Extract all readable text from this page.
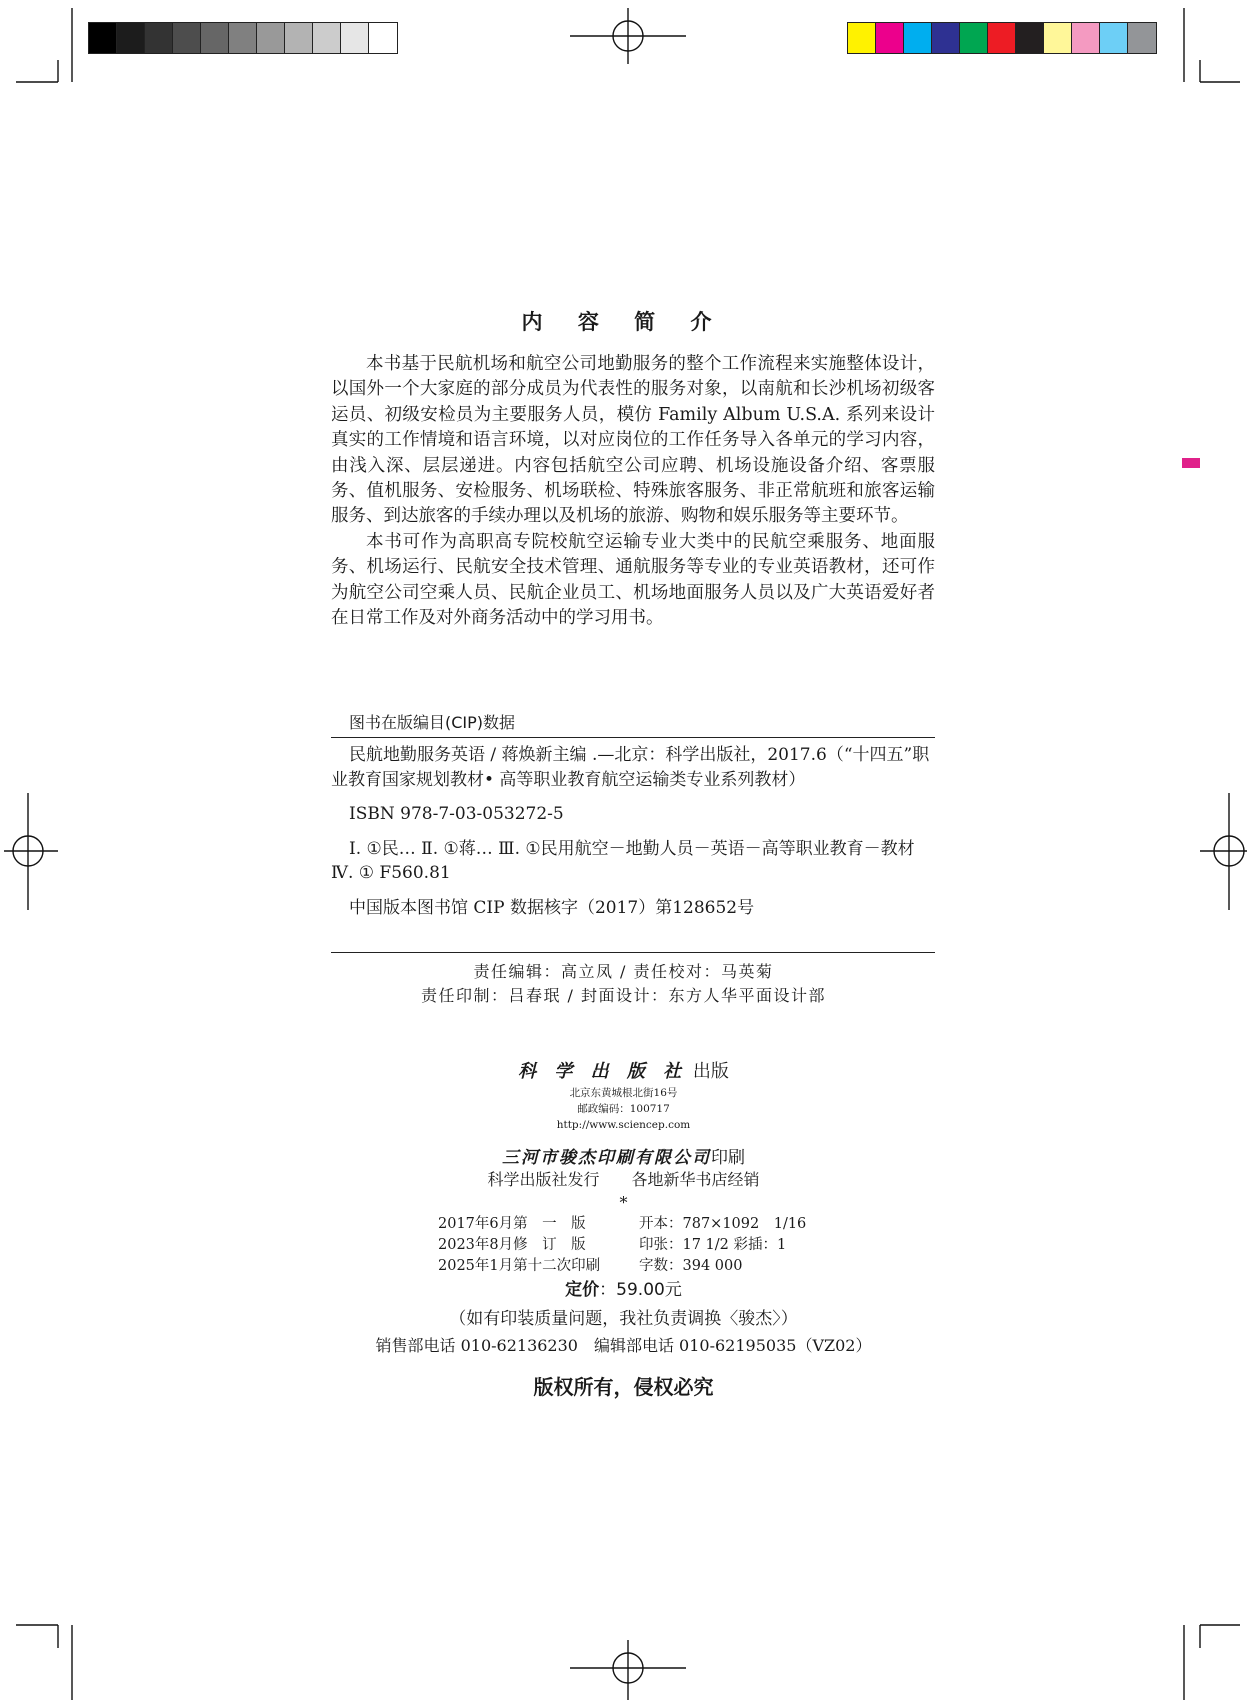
内 容 简 介

本书基于民航机场和航空公司地勤服务的整个工作流程来实施整体设计，以国外一个大家庭的部分成员为代表性的服务对象，以南航和长沙机场初级客运员、初级安检员为主要服务人员，模仿 Family Album U.S.A. 系列来设计真实的工作情境和语言环境，以对应岗位的工作任务导入各单元的学习内容，由浅入深、层层递进。内容包括航空公司应聘、机场设施设备介绍、客票服务、值机服务、安检服务、机场联检、特殊旅客服务、非正常航班和旅客运输服务、到达旅客的手续办理以及机场的旅游、购物和娱乐服务等主要环节。

本书可作为高职高专院校航空运输专业大类中的民航空乘服务、地面服务、机场运行、民航安全技术管理、通航服务等专业的专业英语教材，还可作为航空公司空乘人员、民航企业员工、机场地面服务人员以及广大英语爱好者在日常工作及对外商务活动中的学习用书。

图书在版编目(CIP)数据

民航地勤服务英语 / 蒋焕新主编 .—北京：科学出版社，2017.6（“十四五”职业教育国家规划教材• 高等职业教育航空运输类专业系列教材）

ISBN 978-7-03-053272-5

Ⅰ. ①民… Ⅱ. ①蒋… Ⅲ. ①民用航空－地勤人员－英语－高等职业教育－教材 Ⅳ. ① F560.81

中国版本图书馆 CIP 数据核字（2017）第128652号

责任编辑：高立凤 / 责任校对：马英菊
责任印制：吕春珉 / 封面设计：东方人华平面设计部
科 学 出 版 社 出版
北京东黄城根北街16号
邮政编码：100717
http://www.sciencep.com
三河市骏杰印刷有限公司印刷
科学出版社发行　　各地新华书店经销
*
2017年6月第　一　版
2023年8月修　订　版
2025年1月第十二次印刷
开本：787×1092　1/16
印张：17 1/2 彩插：1
字数：394 000
定价：59.00元
（如有印装质量问题，我社负责调换〈骏杰〉）
销售部电话 010-62136230　编辑部电话 010-62195035（VZ02）
版权所有，侵权必究
